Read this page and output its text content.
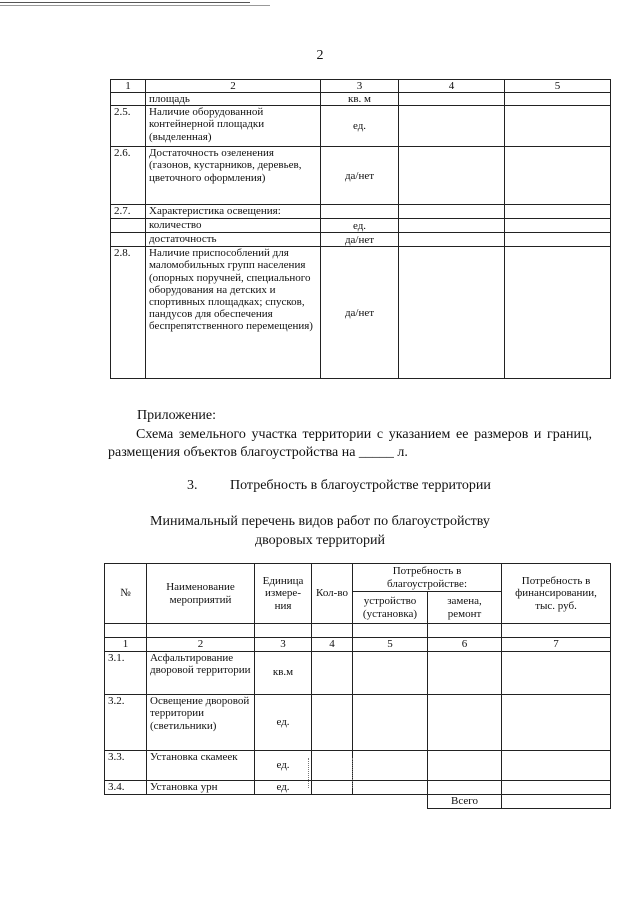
2
1	2	3	4	5
	площадь	кв. м		
2.5.	Наличие оборудованной контейнерной площадки (выделенная)	ед.		
2.6.	Достаточность озеленения (газонов, кустарников, деревьев, цветочного оформления)	да/нет		
2.7.	Характеристика освещения:			
	количество	ед.		
	достаточность	да/нет		
2.8.	Наличие приспособлений для маломобильных групп населения (опорных поручней, специального оборудования на детских и спортивных площадках; спусков, пандусов для обеспечения беспрепятственного перемещения)	да/нет		
Приложение:
Схема земельного участка территории с указанием ее размеров и границ, размещения объектов благоустройства на _____ л.
3. Потребность в благоустройстве территории
Минимальный перечень видов работ по благоустройству дворовых территорий
№	Наименование мероприятий	Единица измере-ния	Кол-во	Потребность в благоустройстве:		Потребность в финансировании, тыс. руб.
				устройство (установка)	замена, ремонт	

1	2	3	4	5	6	7
3.1.	Асфальтирование дворовой территории	кв.м				
3.2.	Освещение дворовой территории (светильники)	ед.				
3.3.	Установка скамеек	ед.				
3.4.	Установка урн	ед.				
					Всего	
